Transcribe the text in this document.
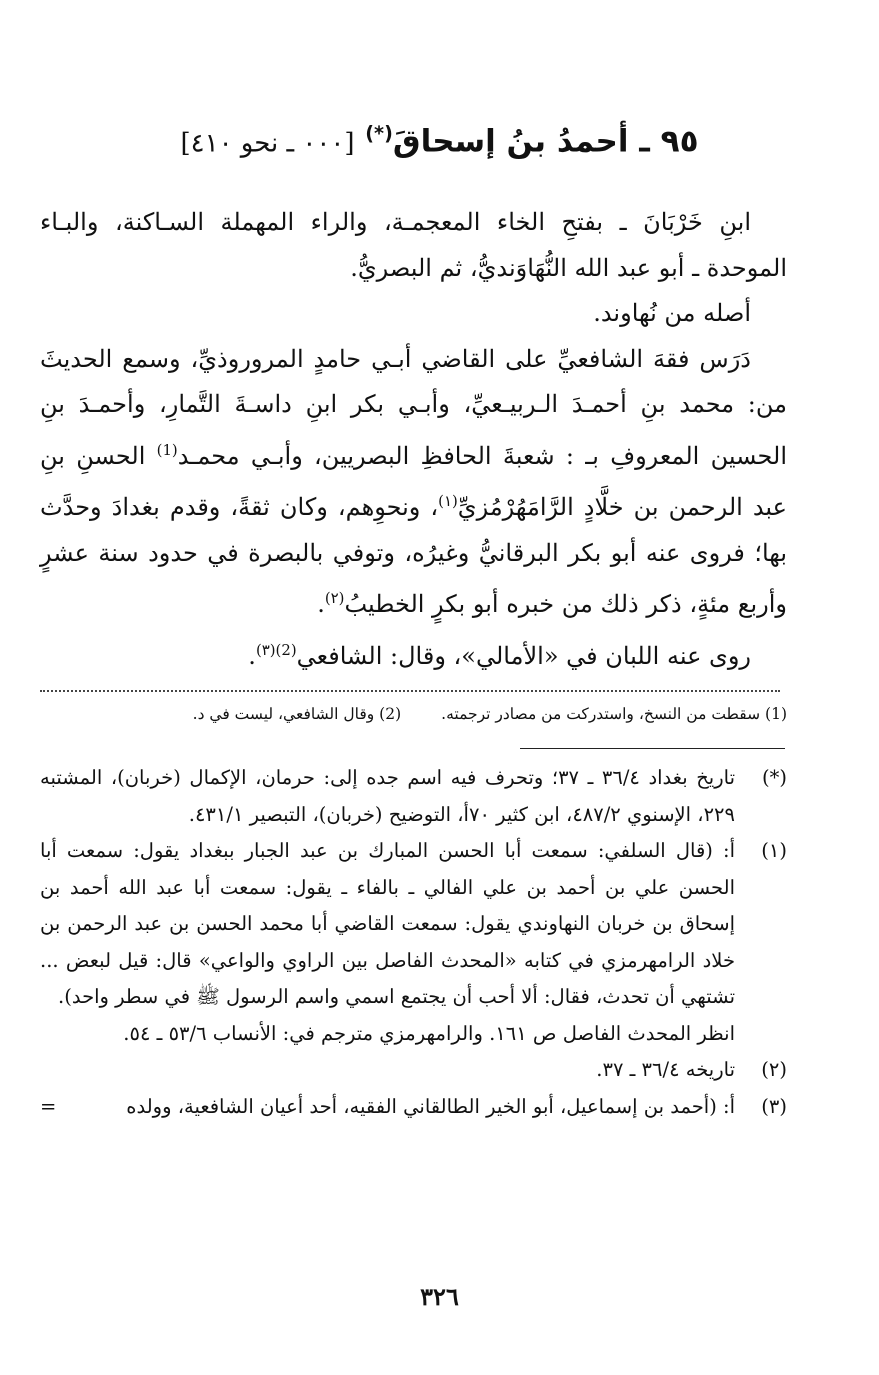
٩٥ ـ أحمدُ بنُ إسحاقَ(*) [٠٠٠ ـ نحو ٤١٠]

ابنِ خَرْبَانَ ـ بفتحِ الخاء المعجمـة، والراء المهملة السـاكنة، والبـاء الموحدة ـ أبو عبد الله النُّهَاوَنديُّ، ثم البصريُّ.

أصله من نُهاوند.

دَرَس فقهَ الشافعيِّ على القاضي أبـي حامدٍ المروروذيِّ، وسمع الحديثَ من: محمد بنِ أحمـدَ الـربيـعيِّ، وأبـي بكر ابنِ داسـةَ التَّمارِ، وأحمـدَ بنِ الحسين المعروفِ بـ : شعبةَ الحافظِ البصريين، وأبـي محمـد$^{(1)}$ الحسنِ بنِ عبد الرحمن بن خلَّادٍ الرَّامَهُرْمُزيِّ$^{(١)}$، ونحوِهم، وكان ثقةً، وقدم بغدادَ وحدَّث بها؛ فروى عنه أبو بكر البرقانيُّ وغيرُه، وتوفي بالبصرة في حدود سنة عشرٍ وأربع مئةٍ، ذكر ذلك من خبره أبو بكرٍ الخطيبُ$^{(٢)}$.

روى عنه اللبان في «الأمالي»، وقال: الشافعي$^{(2)(٣)}$.

(1) سقطت من النسخ، واستدركت من مصادر ترجمته.
(2) وقال الشافعي، ليست في د.
(*)
تاريخ بغداد ٣٦/٤ ـ ٣٧؛ وتحرف فيه اسم جده إلى: حرمان، الإكمال (خربان)، المشتبه ٢٢٩، الإسنوي ٤٨٧/٢، ابن كثير ٧٠أ، التوضيح (خربان)، التبصير ٤٣١/١.
(١)
أ: (قال السلفي: سمعت أبا الحسن المبارك بن عبد الجبار ببغداد يقول: سمعت أبا الحسن علي بن أحمد بن علي الفالي ـ بالفاء ـ يقول: سمعت أبا عبد الله أحمد بن إسحاق بن خربان النهاوندي يقول: سمعت القاضي أبا محمد الحسن بن عبد الرحمن بن خلاد الرامهرمزي في كتابه «المحدث الفاصل بين الراوي والواعي» قال: قيل لبعض ... تشتهي أن تحدث، فقال: ألا أحب أن يجتمع اسمي واسم الرسول ﷺ في سطر واحد).
انظر المحدث الفاصل ص ١٦١. والرامهرمزي مترجم في: الأنساب ٥٣/٦ ـ ٥٤.
(٢)
تاريخه ٣٦/٤ ـ ٣٧.
(٣)
أ: (أحمد بن إسماعيل، أبو الخير الطالقاني الفقيه، أحد أعيان الشافعية، وولده
=
٣٢٦
